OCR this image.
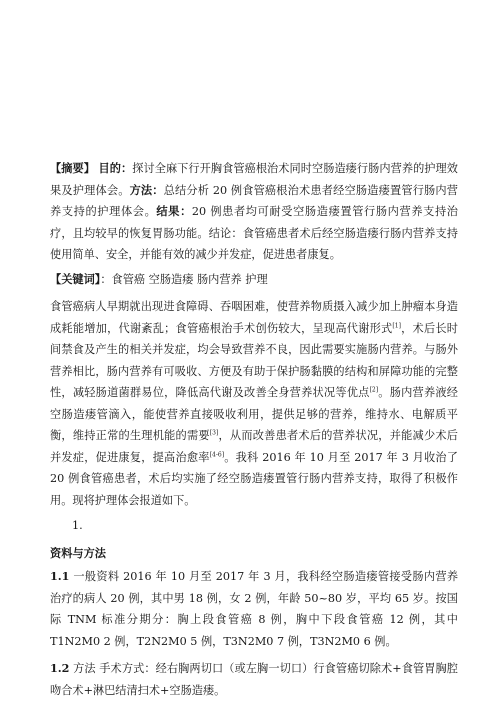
【摘要】 目的：探讨全麻下行开胸食管癌根治术同时空肠造瘘行肠内营养的护理效果及护理体会。方法：总结分析 20 例食管癌根治术患者经空肠造瘘置管行肠内营养支持的护理体会。结果：20 例患者均可耐受空肠造瘘置管行肠内营养支持治疗，且均较早的恢复胃肠功能。结论：食管癌患者术后经空肠造瘘行肠内营养支持使用简单、安全，并能有效的减少并发症，促进患者康复。

【关键词】：食管癌 空肠造瘘 肠内营养 护理

食管癌病人早期就出现进食障碍、吞咽困难，使营养物质摄入减少加上肿瘤本身造成耗能增加，代谢紊乱；食管癌根治手术创伤较大，呈现高代谢形式[1]，术后长时间禁食及产生的相关并发症，均会导致营养不良，因此需要实施肠内营养。与肠外营养相比，肠内营养有可吸收、方便及有助于保护肠黏膜的结构和屏障功能的完整性，减轻肠道菌群易位，降低高代谢及改善全身营养状况等优点[2]。肠内营养液经空肠造瘘管滴入，能使营养直接吸收利用，提供足够的营养，维持水、电解质平衡，维持正常的生理机能的需要[3]，从而改善患者术后的营养状况，并能减少术后并发症，促进康复，提高治愈率[4-6]。我科 2016 年 10 月至 2017 年 3 月收治了 20 例食管癌患者，术后均实施了经空肠造瘘置管行肠内营养支持，取得了积极作用。现将护理体会报道如下。

1.

资料与方法

1.1 一般资料 2016 年 10 月至 2017 年 3 月，我科经空肠造瘘管接受肠内营养治疗的病人 20 例，其中男 18 例，女 2 例，年龄 50~80 岁，平均 65 岁。按国际 TNM 标准分期分：胸上段食管癌 8 例，胸中下段食管癌 12 例，其中 T1N2M0 2 例，T2N2M0 5 例，T3N2M0 7 例，T3N2M0 6 例。

1.2 方法 手术方式：经右胸两切口（或左胸一切口）行食管癌切除术+食管胃胸腔吻合术+淋巴结清扫术+空肠造瘘。
